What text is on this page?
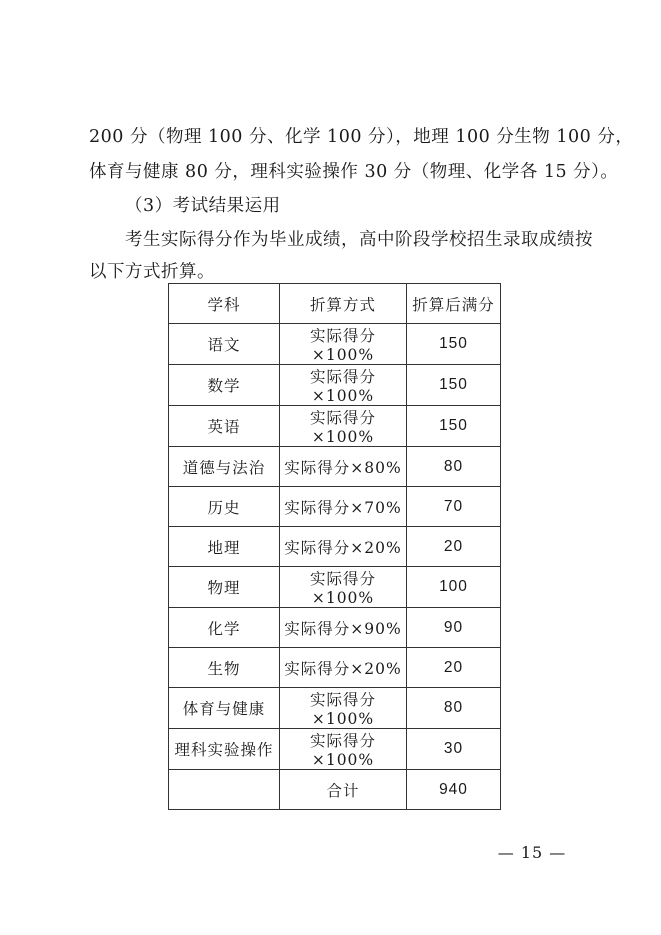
200 分（物理 100 分、化学 100 分），地理 100 分生物 100 分，
体育与健康 80 分，理科实验操作 30 分（物理、化学各 15 分）。
（3）考试结果运用
考生实际得分作为毕业成绩，高中阶段学校招生录取成绩按
以下方式折算。
学科	折算方式	折算后满分
语文	实际得分×100%	150
数学	实际得分×100%	150
英语	实际得分×100%	150
道德与法治	实际得分×80%	80
历史	实际得分×70%	70
地理	实际得分×20%	20
物理	实际得分×100%	100
化学	实际得分×90%	90
生物	实际得分×20%	20
体育与健康	实际得分×100%	80
理科实验操作	实际得分×100%	30
	合计	940
— 15 —
